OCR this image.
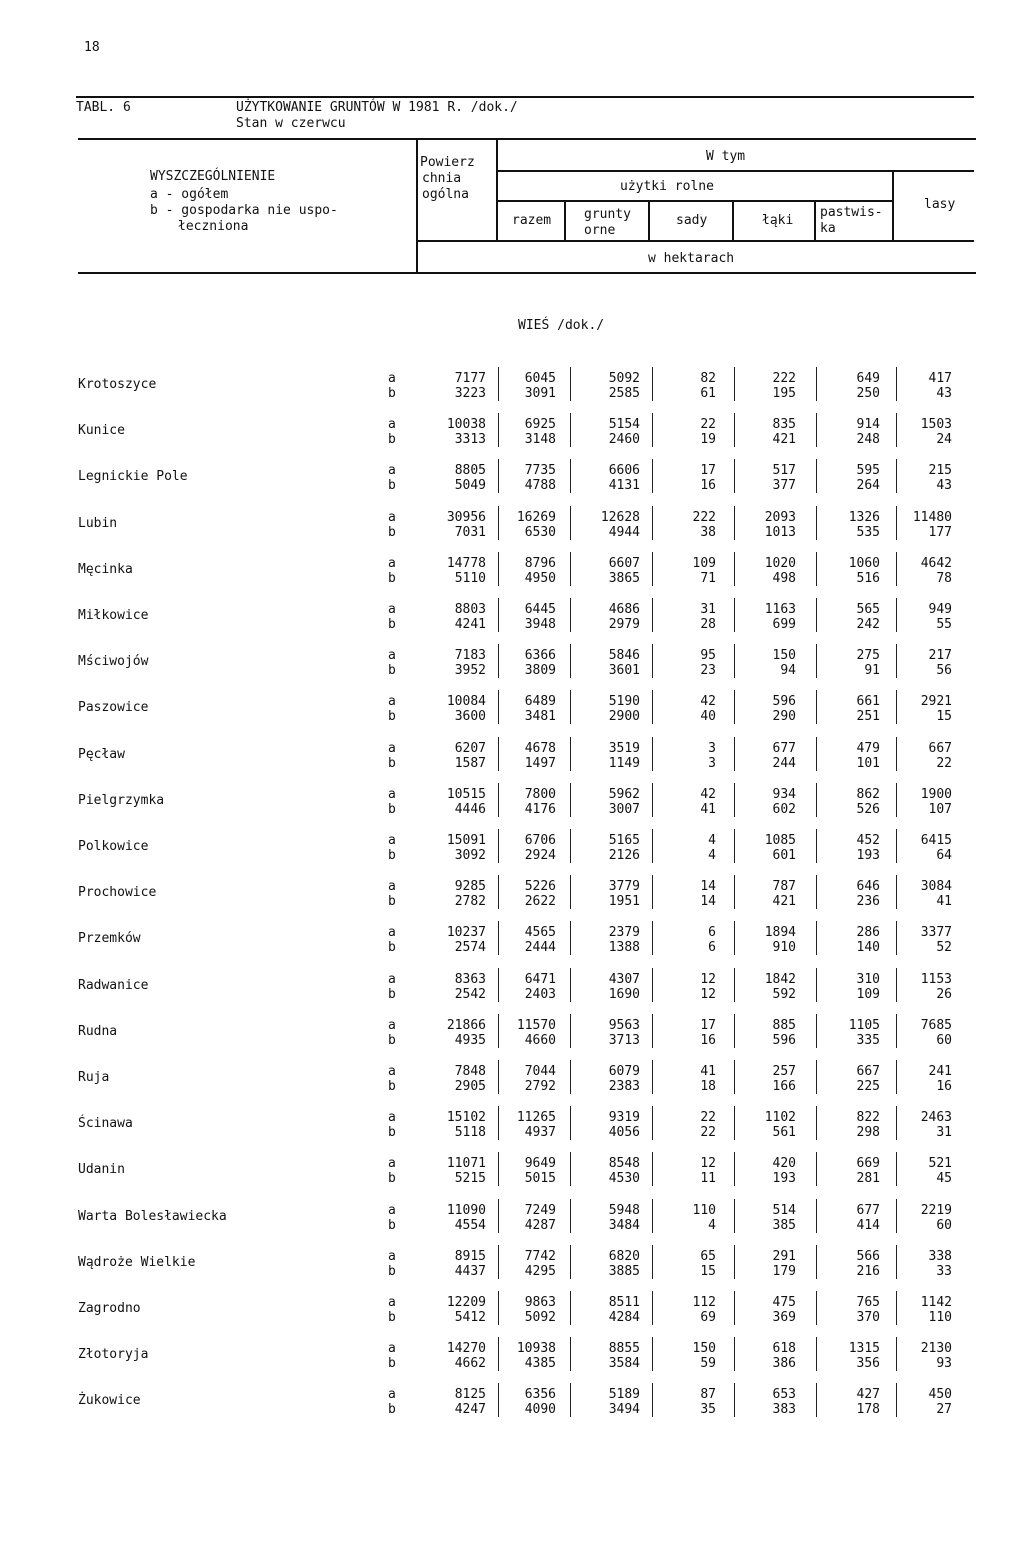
18
TABL. 6	UŻYTKOWANIE GRUNTÓW W 1981 R. /dok./
Stan w czerwcu
WYSZCZEGÓLNIENIE
a - ogółem
b - gospodarka nie uspo-
łeczniona
Powierz
chnia
ogólna
W tym
użytki rolne
razem	grunty
orne
sady	łąki
pastwis-
ka
lasy
w hektarach
WIEŚ /dok./
Krotoszyce	a	7177	6045	5092	82	222	649	417
b	3223	3091	2585	61	195	250	43
Kunice	a	10038	6925	5154	22	835	914	1503
b	3313	3148	2460	19	421	248	24
Legnickie Pole	a	8805	7735	6606	17	517	595	215
b	5049	4788	4131	16	377	264	43
Lubin	a	30956	16269	12628	222	2093	1326	11480
b	7031	6530	4944	38	1013	535	177
Męcinka	a	14778	8796	6607	109	1020	1060	4642
b	5110	4950	3865	71	498	516	78
Miłkowice	a	8803	6445	4686	31	1163	565	949
b	4241	3948	2979	28	699	242	55
Mściwojów	a	7183	6366	5846	95	150	275	217
b	3952	3809	3601	23	94	91	56
Paszowice	a	10084	6489	5190	42	596	661	2921
b	3600	3481	2900	40	290	251	15
Pęcław	a	6207	4678	3519	3	677	479	667
b	1587	1497	1149	3	244	101	22
Pielgrzymka	a	10515	7800	5962	42	934	862	1900
b	4446	4176	3007	41	602	526	107
Polkowice	a	15091	6706	5165	4	1085	452	6415
b	3092	2924	2126	4	601	193	64
Prochowice	a	9285	5226	3779	14	787	646	3084
b	2782	2622	1951	14	421	236	41
Przemków	a	10237	4565	2379	6	1894	286	3377
b	2574	2444	1388	6	910	140	52
Radwanice	a	8363	6471	4307	12	1842	310	1153
b	2542	2403	1690	12	592	109	26
Rudna	a	21866	11570	9563	17	885	1105	7685
b	4935	4660	3713	16	596	335	60
Ruja	a	7848	7044	6079	41	257	667	241
b	2905	2792	2383	18	166	225	16
Ścinawa	a	15102	11265	9319	22	1102	822	2463
b	5118	4937	4056	22	561	298	31
Udanin	a	11071	9649	8548	12	420	669	521
b	5215	5015	4530	11	193	281	45
Warta Bolesławiecka	a	11090	7249	5948	110	514	677	2219
b	4554	4287	3484	4	385	414	60
Wądroże Wielkie	a	8915	7742	6820	65	291	566	338
b	4437	4295	3885	15	179	216	33
Zagrodno	a	12209	9863	8511	112	475	765	1142
b	5412	5092	4284	69	369	370	110
Złotoryja	a	14270	10938	8855	150	618	1315	2130
b	4662	4385	3584	59	386	356	93
Żukowice	a	8125	6356	5189	87	653	427	450
b	4247	4090	3494	35	383	178	27
